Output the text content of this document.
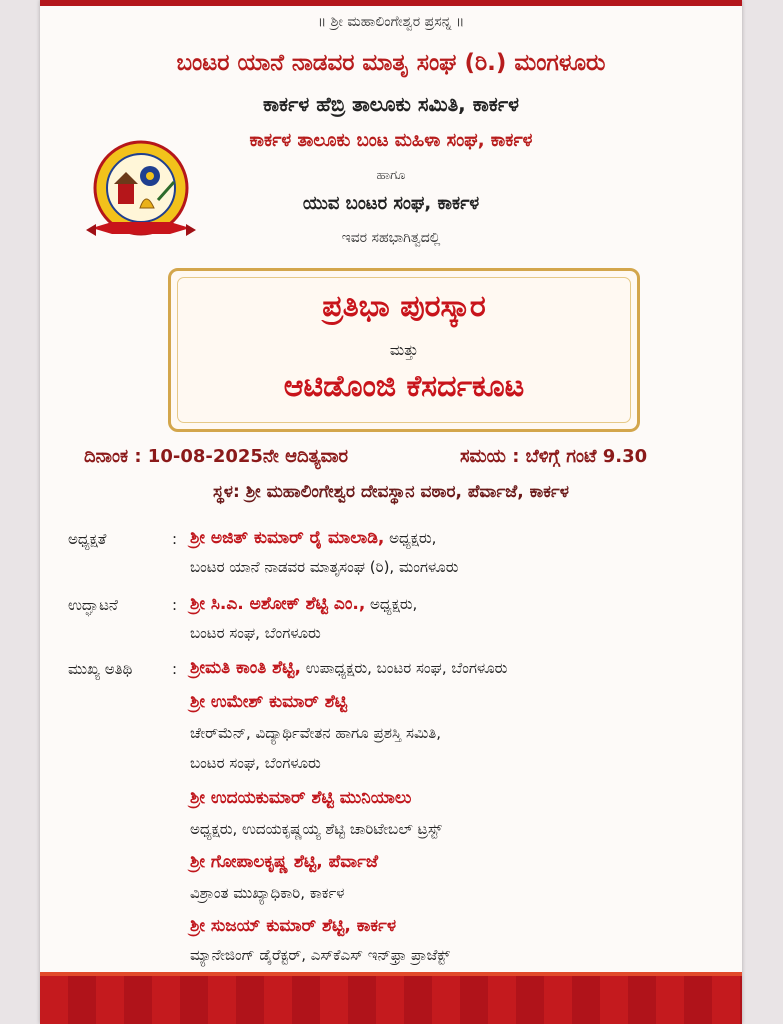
॥ ಶ್ರೀ ಮಹಾಲಿಂಗೇಶ್ವರ ಪ್ರಸನ್ನ ॥
ಬಂಟರ ಯಾನೆ ನಾಡವರ ಮಾತೃ ಸಂಘ (ರಿ.) ಮಂಗಳೂರು
ಕಾರ್ಕಳ ಹೆಬ್ರಿ ತಾಲೂಕು ಸಮಿತಿ, ಕಾರ್ಕಳ
ಕಾರ್ಕಳ ತಾಲೂಕು ಬಂಟ ಮಹಿಳಾ ಸಂಘ, ಕಾರ್ಕಳ
ಹಾಗೂ
ಯುವ ಬಂಟರ ಸಂಘ, ಕಾರ್ಕಳ
ಇವರ ಸಹಭಾಗಿತ್ವದಲ್ಲಿ
ಪ್ರತಿಭಾ ಪುರಸ್ಕಾರ
ಮತ್ತು
ಆಟಿಡೊಂಜಿ ಕೆಸರ್ದಕೂಟ
ದಿನಾಂಕ : 10-08-2025ನೇ ಆದಿತ್ಯವಾರ	ಸಮಯ : ಬೆಳಿಗ್ಗೆ ಗಂಟೆ 9.30
ಸ್ಥಳ: ಶ್ರೀ ಮಹಾಲಿಂಗೇಶ್ವರ ದೇವಸ್ಥಾನ ವಠಾರ, ಪೆರ್ವಾಜೆ, ಕಾರ್ಕಳ
ಅಧ್ಯಕ್ಷತೆ	: ಶ್ರೀ ಅಜಿತ್ ಕುಮಾರ್ ರೈ ಮಾಲಾಡಿ, ಅಧ್ಯಕ್ಷರು,
ಬಂಟರ ಯಾನೆ ನಾಡವರ ಮಾತೃಸಂಘ (ರಿ), ಮಂಗಳೂರು
ಉದ್ಘಾಟನೆ	: ಶ್ರೀ ಸಿ.ಎ. ಅಶೋಕ್ ಶೆಟ್ಟಿ ಎಂ., ಅಧ್ಯಕ್ಷರು,
ಬಂಟರ ಸಂಘ, ಬೆಂಗಳೂರು
ಮುಖ್ಯ ಅತಿಥಿ	: ಶ್ರೀಮತಿ ಕಾಂತಿ ಶೆಟ್ಟಿ, ಉಪಾಧ್ಯಕ್ಷರು, ಬಂಟರ ಸಂಘ, ಬೆಂಗಳೂರು
ಶ್ರೀ ಉಮೇಶ್ ಕುಮಾರ್ ಶೆಟ್ಟಿ
ಚೇರ್‌ಮೆನ್, ವಿದ್ಯಾರ್ಥಿವೇತನ ಹಾಗೂ ಪ್ರಶಸ್ತಿ ಸಮಿತಿ,
ಬಂಟರ ಸಂಘ, ಬೆಂಗಳೂರು
ಶ್ರೀ ಉದಯಕುಮಾರ್ ಶೆಟ್ಟಿ ಮುನಿಯಾಲು
ಅಧ್ಯಕ್ಷರು, ಉದಯಕೃಷ್ಣಯ್ಯ ಶೆಟ್ಟಿ ಚಾರಿಟೇಬಲ್ ಟ್ರಸ್ಟ್
ಶ್ರೀ ಗೋಪಾಲಕೃಷ್ಣ ಶೆಟ್ಟಿ, ಪೆರ್ವಾಜೆ
ವಿಶ್ರಾಂತ ಮುಖ್ಯಾಧಿಕಾರಿ, ಕಾರ್ಕಳ
ಶ್ರೀ ಸುಜಯ್ ಕುಮಾರ್ ಶೆಟ್ಟಿ, ಕಾರ್ಕಳ
ಮ್ಯಾನೇಜಿಂಗ್ ಡೈರೆಕ್ಟರ್, ಎಸ್‌ಕೆಎಸ್ ಇನ್‌ಫ್ರಾ ಪ್ರಾಜೆಕ್ಟ್
